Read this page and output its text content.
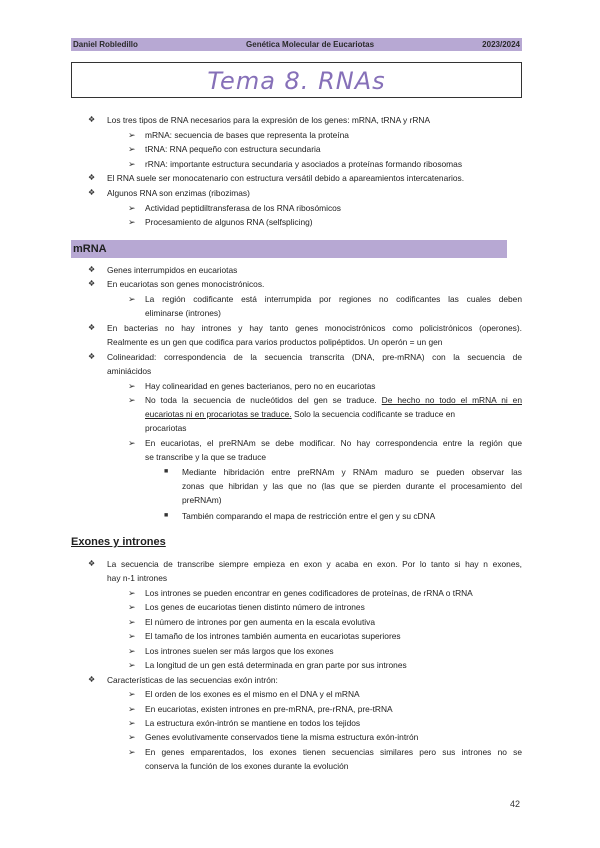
Daniel Robledillo	Genética Molecular de Eucariotas	2023/2024
Tema 8. RNAs
❖ Los tres tipos de RNA necesarios para la expresión de los genes: mRNA, tRNA y rRNA
➢ mRNA: secuencia de bases que representa la proteína
➢ tRNA: RNA pequeño con estructura secundaria
➢ rRNA: importante estructura secundaria y asociados a proteínas formando ribosomas
❖ El RNA suele ser monocatenario con estructura versátil debido a apareamientos intercatenarios.
❖ Algunos RNA son enzimas (ribozimas)
➢ Actividad peptidiltransferasa de los RNA ribosómicos
➢ Procesamiento de algunos RNA (selfsplicing)
mRNA
❖ Genes interrumpidos en eucariotas
❖ En eucariotas son genes monocistrónicos.
➢ La región codificante está interrumpida por regiones no codificantes las cuales deben
eliminarse (intrones)
❖ En bacterias no hay intrones y hay tanto genes monocistrónicos como policistrónicos (operones).
Realmente es un gen que codifica para varios productos polipéptidos. Un operón = un gen
❖ Colinearidad: correspondencia de la secuencia transcrita (DNA, pre-mRNA) con la secuencia de
aminiácidos
➢ Hay colinearidad en genes bacterianos, pero no en eucariotas
➢ No toda la secuencia de nucleótidos del gen se traduce. De hecho no todo el mRNA ni en
eucariotas ni en procariotas se traduce. Solo la secuencia codificante se traduce en
procariotas
➢ En eucariotas, el preRNAm se debe modificar. No hay correspondencia entre la región que
se transcribe y la que se traduce
■ Mediante hibridación entre preRNAm y RNAm maduro se pueden observar las
zonas que hibridan y las que no (las que se pierden durante el procesamiento del
preRNAm)
■ También comparando el mapa de restricción entre el gen y su cDNA
Exones y intrones
❖ La secuencia de transcribe siempre empieza en exon y acaba en exon. Por lo tanto si hay n exones,
hay n-1 intrones
➢ Los intrones se pueden encontrar en genes codificadores de proteínas, de rRNA o tRNA
➢ Los genes de eucariotas tienen distinto número de intrones
➢ El número de intrones por gen aumenta en la escala evolutiva
➢ El tamaño de los intrones también aumenta en eucariotas superiores
➢ Los intrones suelen ser más largos que los exones
➢ La longitud de un gen está determinada en gran parte por sus intrones
❖ Características de las secuencias exón intrón:
➢ El orden de los exones es el mismo en el DNA y el mRNA
➢ En eucariotas, existen intrones en pre-mRNA, pre-rRNA, pre-tRNA
➢ La estructura exón-intrón se mantiene en todos los tejidos
➢ Genes evolutivamente conservados tiene la misma estructura exón-intrón
➢ En genes emparentados, los exones tienen secuencias similares pero sus intrones no se
conserva la función de los exones durante la evolución
42
